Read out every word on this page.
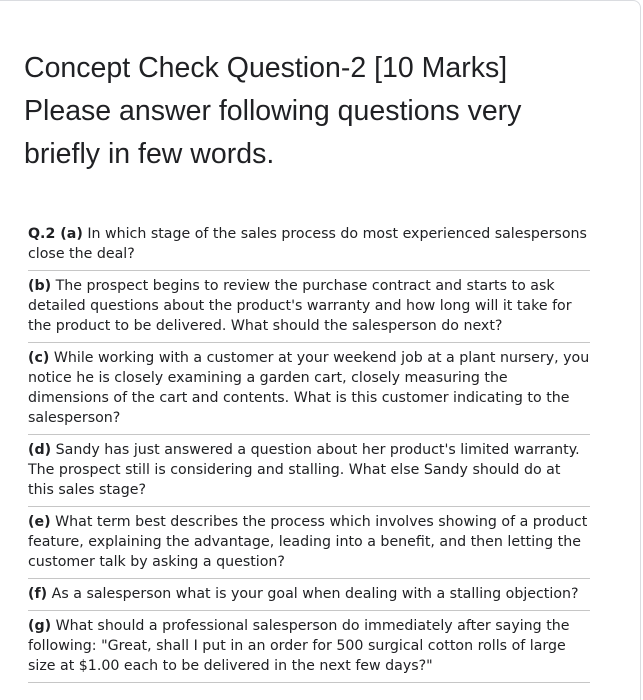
Concept Check Question-2 [10 Marks]
Please answer following questions very
briefly in few words.

Q.2 (a) In which stage of the sales process do most experienced salespersons close the deal?

(b) The prospect begins to review the purchase contract and starts to ask detailed questions about the product's warranty and how long will it take for the product to be delivered. What should the salesperson do next?

(c) While working with a customer at your weekend job at a plant nursery, you notice he is closely examining a garden cart, closely measuring the dimensions of the cart and contents. What is this customer indicating to the salesperson?

(d) Sandy has just answered a question about her product's limited warranty. The prospect still is considering and stalling. What else Sandy should do at this sales stage?

(e) What term best describes the process which involves showing of a product feature, explaining the advantage, leading into a benefit, and then letting the customer talk by asking a question?

(f) As a salesperson what is your goal when dealing with a stalling objection?

(g) What should a professional salesperson do immediately after saying the following: "Great, shall I put in an order for 500 surgical cotton rolls of large size at $1.00 each to be delivered in the next few days?"
